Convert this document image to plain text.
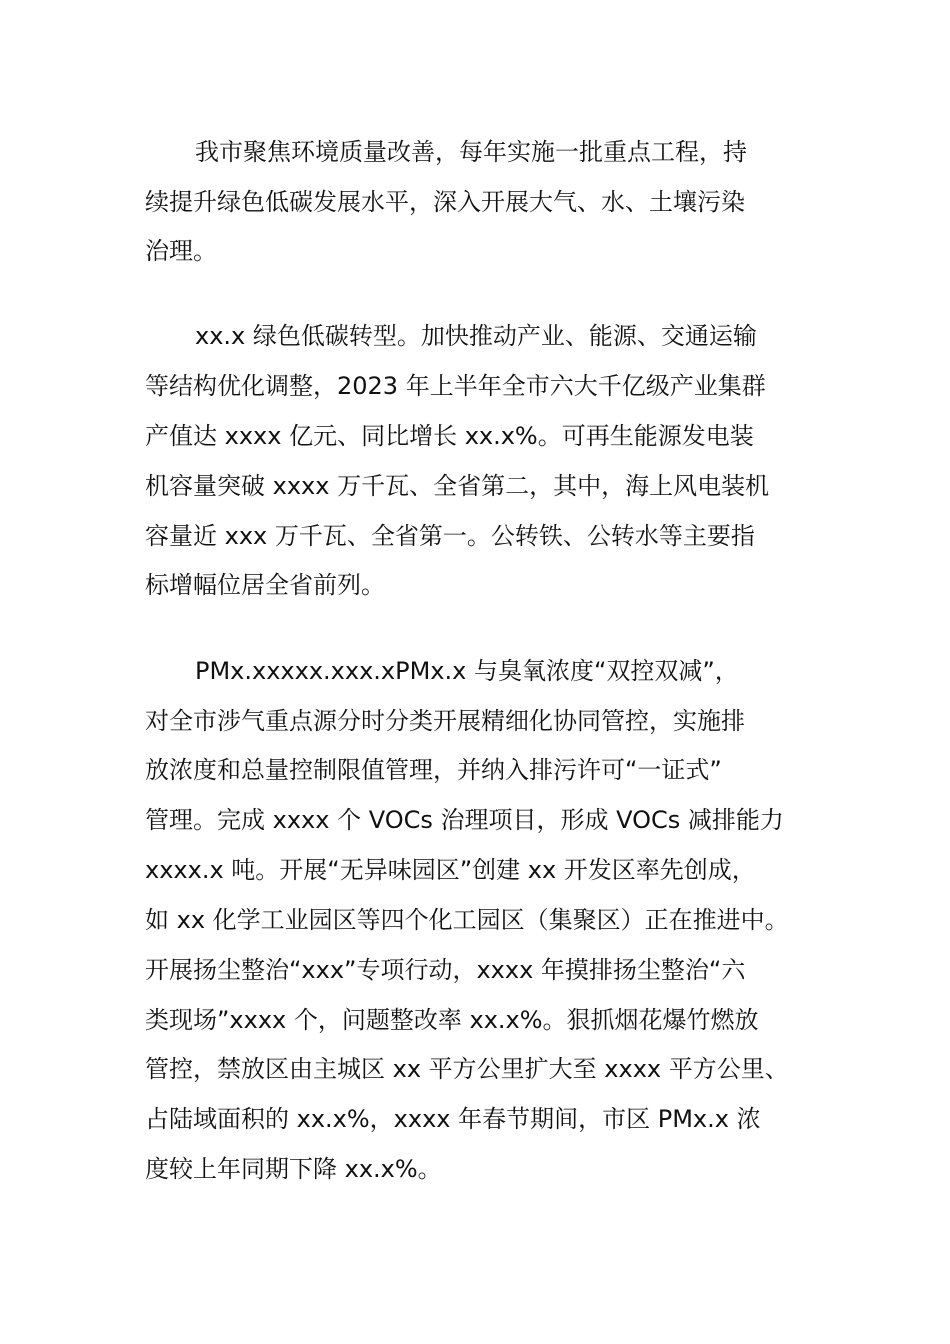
我市聚焦环境质量改善，每年实施一批重点工程，持

续提升绿色低碳发展水平，深入开展大气、水、土壤污染

治理。

xx.x 绿色低碳转型。加快推动产业、能源、交通运输

等结构优化调整，2023 年上半年全市六大千亿级产业集群

产值达 xxxx 亿元、同比增长 xx.x%。可再生能源发电装

机容量突破 xxxx 万千瓦、全省第二，其中，海上风电装机

容量近 xxx 万千瓦、全省第一。公转铁、公转水等主要指

标增幅位居全省前列。

PMx.xxxxx.xxx.xPMx.x 与臭氧浓度“双控双减”，

对全市涉气重点源分时分类开展精细化协同管控，实施排

放浓度和总量控制限值管理，并纳入排污许可“一证式”

管理。完成 xxxx 个 VOCs 治理项目，形成 VOCs 减排能力

xxxx.x 吨。开展“无异味园区”创建 xx 开发区率先创成，

如 xx 化学工业园区等四个化工园区（集聚区）正在推进中。

开展扬尘整治“xxx”专项行动，xxxx 年摸排扬尘整治“六

类现场”xxxx 个，问题整改率 xx.x%。狠抓烟花爆竹燃放

管控，禁放区由主城区 xx 平方公里扩大至 xxxx 平方公里、

占陆域面积的 xx.x%，xxxx 年春节期间，市区 PMx.x 浓

度较上年同期下降 xx.x%。
